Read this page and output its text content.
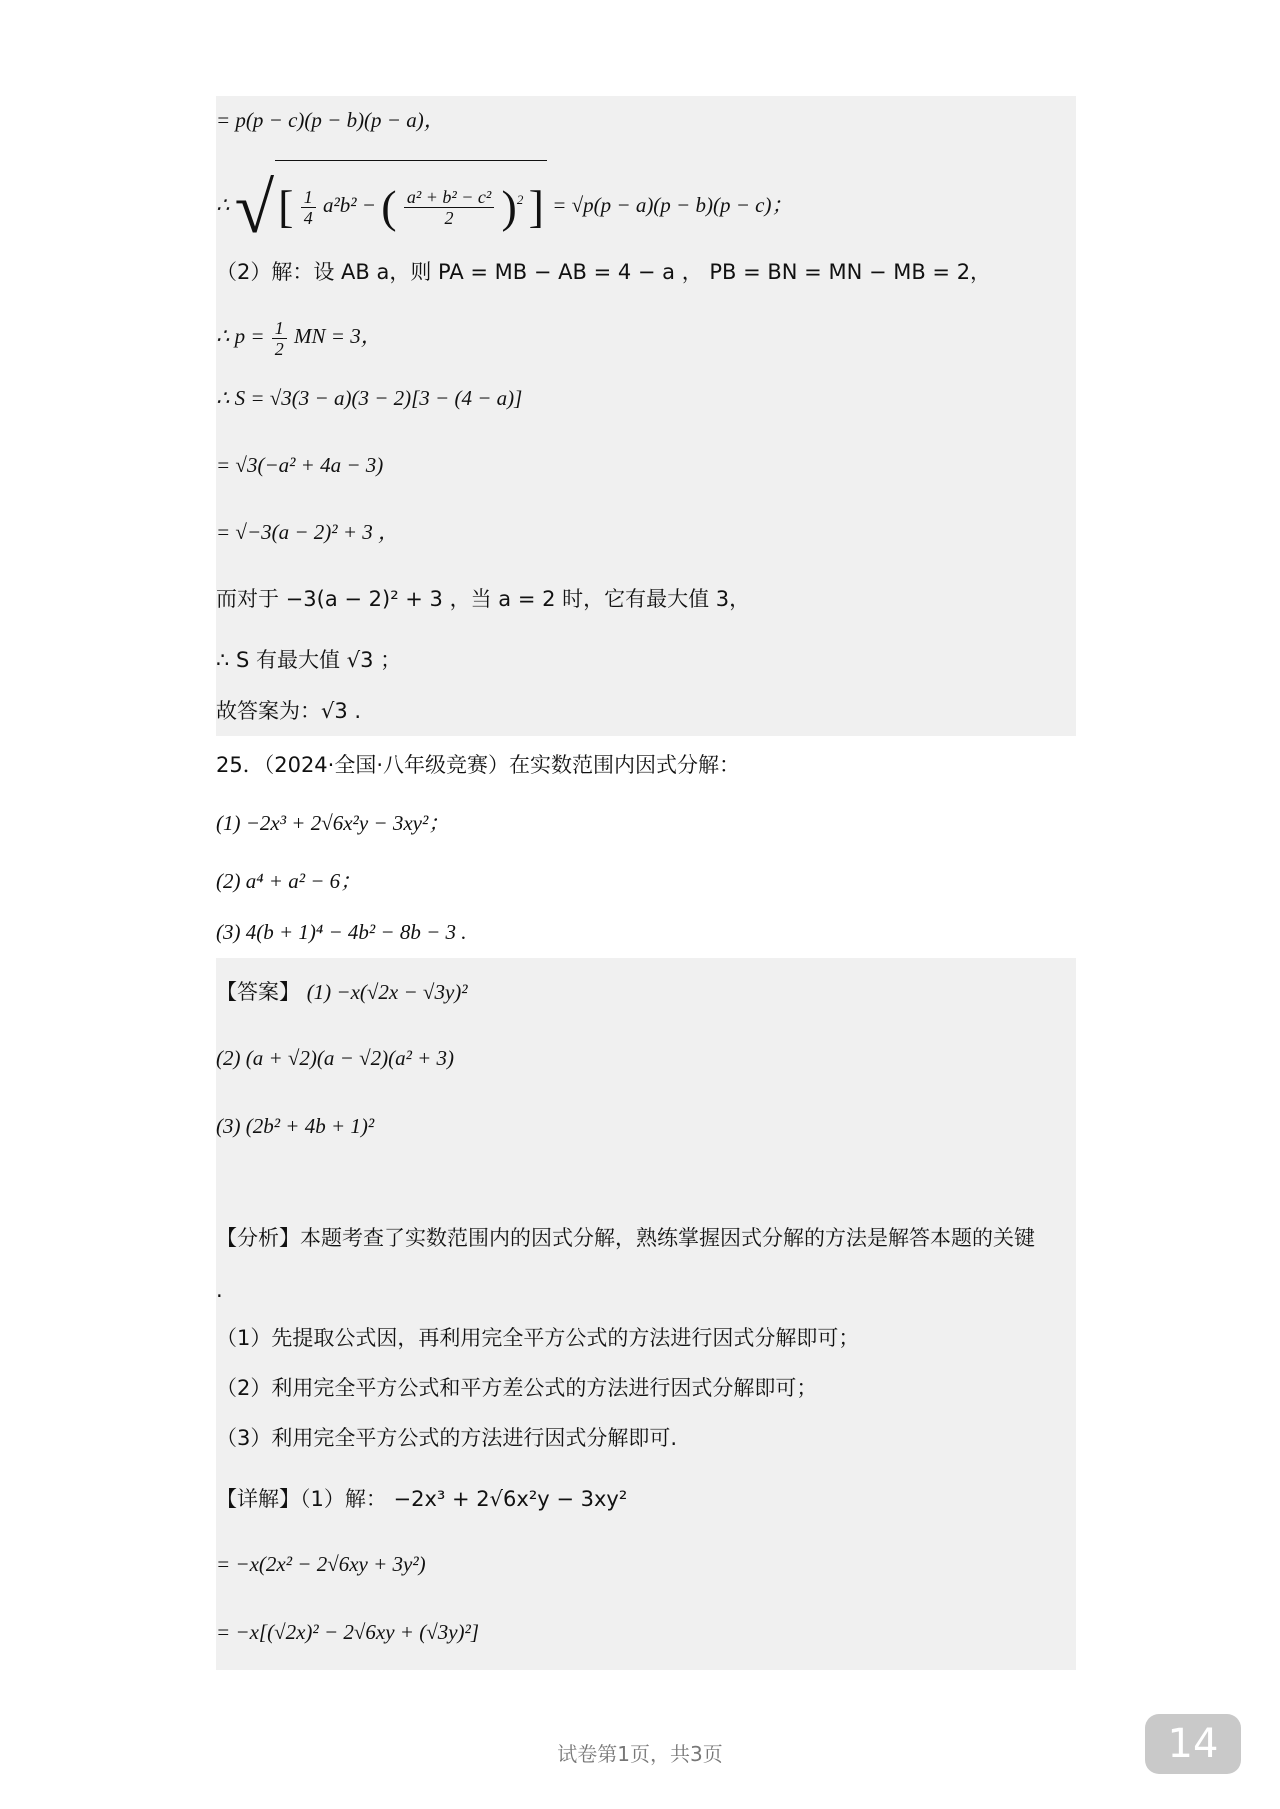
= p(p − c)(p − b)(p − a)，
∴ √[ $\frac{1}{4} a^2b^2$ − ( $\frac{\text{a² + b² − c²}}{2} )^2$ ] = √p(p − a)(p − b)(p − c)；
（2）解：设 AB a，则 PA = MB − AB = 4 − a ， PB = BN = MN − MB = 2，
∴ $p = \frac{1}{2}$ MN = 3，
∴ S = √3(3 − a)(3 − 2)[3 − (4 − a)]
= √3(−a² + 4a − 3)
= √−3(a − 2)² + 3 ，
而对于 −3(a − 2)² + 3 ，当 a = 2 时，它有最大值 3，
∴ S 有最大值 √3 ；
故答案为：√3 .
25．（2024·全国·八年级竞赛）在实数范围内因式分解：
(1) −2x³ + 2√6x²y − 3xy²；
(2) a⁴ + a² − 6；
(3) 4(b + 1)⁴ − 4b² − 8b − 3 .
【答案】 (1) −x(√2x − √3y)²
(2) (a + √2)(a − √2)(a² + 3)
(3) (2b² + 4b + 1)²
【分析】本题考查了实数范围内的因式分解，熟练掌握因式分解的方法是解答本题的关键
.
（1）先提取公式因，再利用完全平方公式的方法进行因式分解即可；
（2）利用完全平方公式和平方差公式的方法进行因式分解即可；
（3）利用完全平方公式的方法进行因式分解即可.
【详解】（1）解： −2x³ + 2√6x²y − 3xy²
= −x(2x² − 2√6xy + 3y²)
= −x[(√2x)² − 2√6xy + (√3y)²]
试卷第1页，共3页	14
